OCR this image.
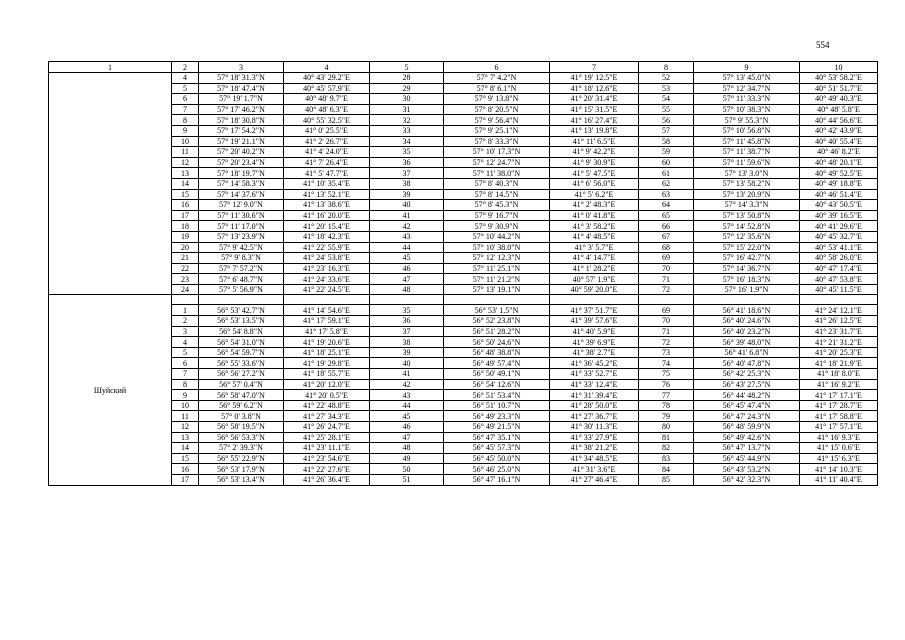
554
1	2	3	4	5	6	7	8	9	10
	4	57° 18' 31.3"N	40° 43' 29.2"E	28	57° 7' 4.2"N	41° 19' 12.5"E	52	57° 13' 45.0"N	40° 53' 58.2"E
	5	57° 18' 47.4"N	40° 45' 57.9"E	29	57° 8' 6.1"N	41° 18' 12.6"E	53	57° 12' 34.7"N	40° 51' 51.7"E
	6	57° 19' 1.7"N	40° 48' 9.7"E	30	57° 9' 13.8"N	41° 20' 31.4"E	54	57° 11' 33.3"N	40° 49' 40.3"E
	7	57° 17' 46.2"N	40° 48' 6.3"E	31	57° 8' 20.5"N	41° 15' 31.5"E	55	57° 10' 38.3"N	40° 48' 5.8"E
	8	57° 18' 30.8"N	40° 55' 32.5"E	32	57° 9' 56.4"N	41° 16' 27.4"E	56	57° 9' 55.3"N	40° 44' 56.6"E
	9	57° 17' 54.2"N	41° 0' 25.5"E	33	57° 9' 25.1"N	41° 13' 19.8"E	57	57° 10' 56.8"N	40° 42' 43.9"E
	10	57° 19' 21.1"N	41° 2' 26.7"E	34	57° 8' 33.3"N	41° 11' 6.5"E	58	57° 11' 45.8"N	40° 40' 55.4"E
	11	57° 20' 40.2"N	41° 4' 24.0"E	35	57° 10' 17.3"N	41° 9' 42.2"E	59	57° 11' 38.7"N	40° 46' 8.2"E
	12	57° 20' 23.4"N	41° 7' 26.4"E	36	57° 12' 24.7"N	41° 9' 30.9"E	60	57° 11' 59.6"N	40° 48' 20.1"E
	13	57° 18' 19.7"N	41° 5' 47.7"E	37	57° 11' 38.0"N	41° 5' 47.5"E	61	57° 13' 3.0"N	40° 49' 52.5"E
	14	57° 14' 58.3"N	41° 10' 35.4"E	38	57° 8' 40.3"N	41° 6' 56.0"E	62	57° 13' 58.2"N	40° 49' 18.8"E
	15	57° 14' 37.6"N	41° 13' 52.1"E	39	57° 8' 14.5"N	41° 5' 6.2"E	63	57° 13' 20.9"N	40° 46' 51.4"E
	16	57° 12' 9.0"N	41° 13' 38.6"E	40	57° 8' 45.3"N	41° 2' 48.3"E	64	57° 14' 3.3"N	40° 43' 50.5"E
	17	57° 11' 30.6"N	41° 16' 20.0"E	41	57° 9' 16.7"N	41° 0' 41.8"E	65	57° 13' 50.8"N	40° 39' 16.5"E
	18	57° 11' 17.0"N	41° 20' 15.4"E	42	57° 9' 30.9"N	41° 3' 58.2"E	66	57° 14' 52.8"N	40° 41' 29.6"E
	19	57° 13' 23.9"N	41° 18' 42.3"E	43	57° 10' 44.2"N	41° 4' 48.5"E	67	57° 12' 35.6"N	40° 45' 32.7"E
	20	57° 9' 42.5"N	41° 22' 55.9"E	44	57° 10' 38.0"N	41° 3' 5.7"E	68	57° 15' 22.0"N	40° 53' 41.1"E
	21	57° 9' 8.3"N	41° 24' 53.8"E	45	57° 12' 12.3"N	41° 4' 14.7"E	69	57° 16' 42.7"N	40° 58' 26.0"E
	22	57° 7' 57.2"N	41° 23' 16.3"E	46	57° 11' 25.1"N	41° 1' 28.2"E	70	57° 14' 36.7"N	40° 47' 17.4"E
	23	57° 6' 48.7"N	41° 24' 33.6"E	47	57° 11' 21.2"N	40° 57' 1.9"E	71	57° 16' 18.3"N	40° 47' 53.8"E
	24	57° 5' 56.9"N	41° 22' 24.5"E	48	57° 13' 19.1"N	40° 59' 20.0"E	72	57° 16' 1.9"N	40° 45' 11.5"E
Шуйский									
	1	56° 53' 42.7"N	41° 14' 54.6"E	35	56° 53' 1.5"N	41° 37' 51.7"E	69	56° 41' 18.6"N	41° 24' 12.1"E
	2	56° 53' 13.5"N	41° 17' 59.1"E	36	56° 52' 23.8"N	41° 39' 57.6"E	70	56° 40' 24.6"N	41° 26' 12.5"E
	3	56° 54' 8.8"N	41° 17' 5.8"E	37	56° 51' 28.2"N	41° 40' 5.9"E	71	56° 40' 23.2"N	41° 23' 31.7"E
	4	56° 54' 31.0"N	41° 19' 20.6"E	38	56° 50' 24.6"N	41° 39' 6.9"E	72	56° 39' 48.0"N	41° 21' 31.2"E
	5	56° 54' 59.7"N	41° 18' 25.1"E	39	56° 48' 38.8"N	41° 38' 2.7"E	73	56° 41' 6.8"N	41° 20' 25.3"E
	6	56° 55' 33.6"N	41° 19' 29.8"E	40	56° 49' 57.4"N	41° 36' 45.2"E	74	56° 40' 47.8"N	41° 18' 21.9"E
	7	56° 56' 27.2"N	41° 18' 55.7"E	41	56° 50' 49.1"N	41° 33' 52.7"E	75	56° 42' 25.3"N	41° 18' 8.0"E
	8	56° 57' 0.4"N	41° 20' 12.0"E	42	56° 54' 12.6"N	41° 33' 12.4"E	76	56° 43' 27.5"N	41° 16' 9.2"E
	9	56° 58' 47.0"N	41° 20' 0.5"E	43	56° 51' 53.4"N	41° 31' 39.4"E	77	56° 44' 48.2"N	41° 17' 17.1"E
	10	56° 59' 6.2"N	41° 22' 48.8"E	44	56° 51' 10.7"N	41° 28' 50.0"E	78	56° 45' 47.4"N	41° 17' 28.7"E
	11	57° 0' 3.8"N	41° 27' 34.3"E	45	56° 49' 23.3"N	41° 27' 36.7"E	79	56° 47' 24.3"N	41° 17' 58.8"E
	12	56° 58' 19.5"N	41° 26' 24.7"E	46	56° 49' 21.5"N	41° 30' 11.3"E	80	56° 48' 59.9"N	41° 17' 57.1"E
	13	56° 56' 53.3"N	41° 25' 28.1"E	47	56° 47' 35.1"N	41° 33' 27.9"E	81	56° 49' 42.6"N	41° 16' 9.3"E
	14	57° 2' 39.3"N	41° 23' 11.1"E	48	56° 45' 57.3"N	41° 38' 21.2"E	82	56° 47' 13.7"N	41° 15' 0.6"E
	15	56° 55' 22.9"N	41° 23' 54.6"E	49	56° 45' 50.0"N	41° 34' 48.5"E	83	56° 45' 44.9"N	41° 15' 6.3"E
	16	56° 53' 17.9"N	41° 22' 27.6"E	50	56° 46' 25.0"N	41° 31' 3.6"E	84	56° 43' 53.2"N	41° 14' 10.3"E
	17	56° 53' 13.4"N	41° 26' 36.4"E	51	56° 47' 16.1"N	41° 27' 46.4"E	85	56° 42' 32.3"N	41° 11' 40.4"E
